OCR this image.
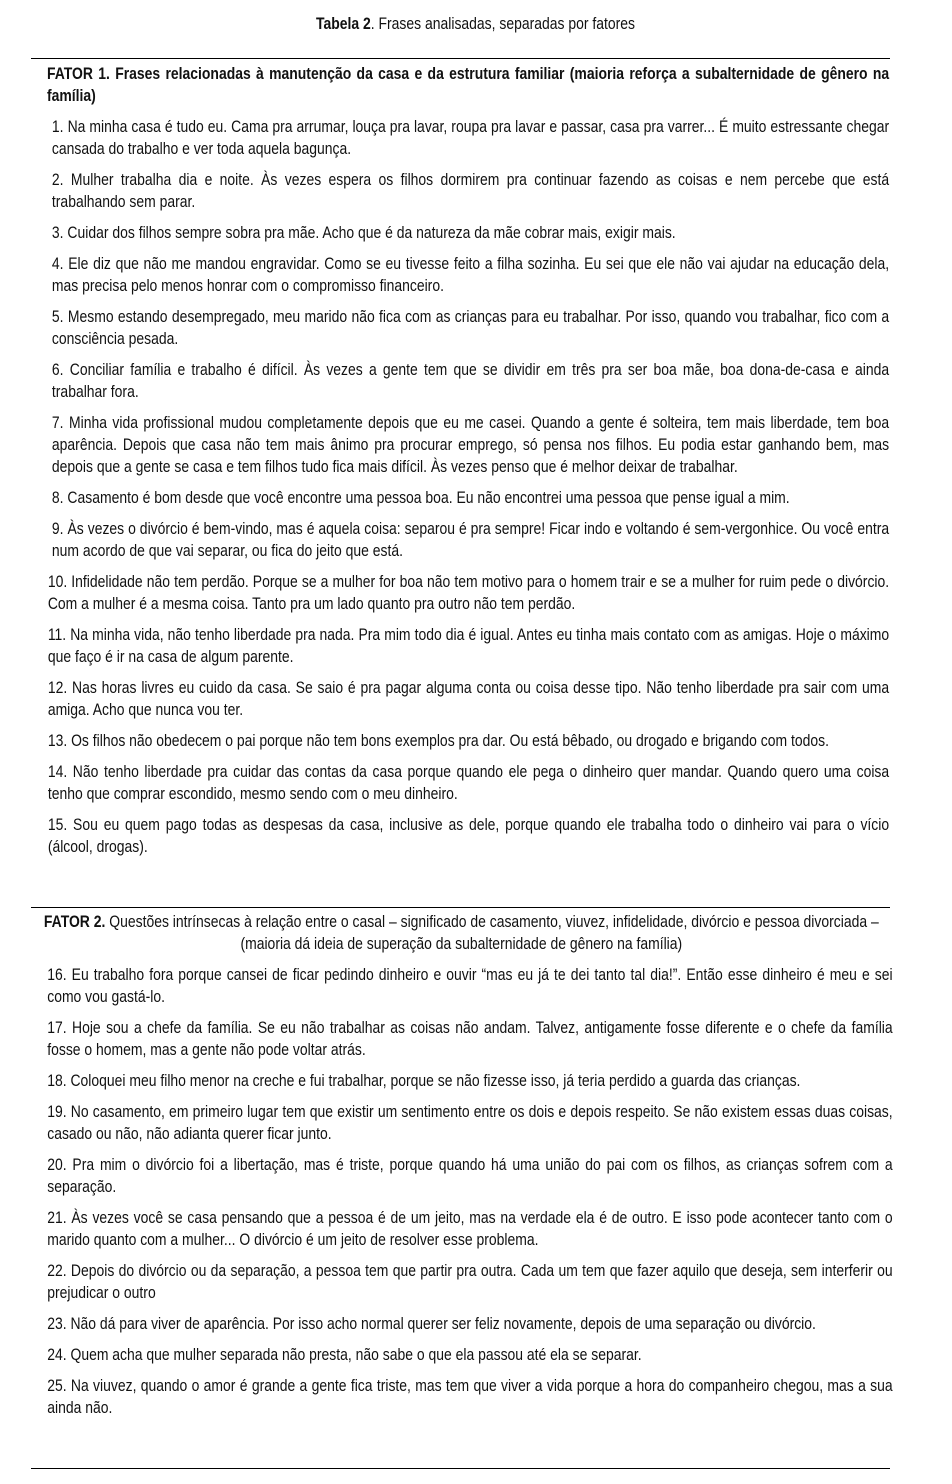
Tabela 2. Frases analisadas, separadas por fatores
FATOR 1. Frases relacionadas à manutenção da casa e da estrutura familiar (maioria reforça a subalternidade de gênero na família)
1. Na minha casa é tudo eu. Cama pra arrumar, louça pra lavar, roupa pra lavar e passar, casa pra varrer... É muito estressante chegar cansada do trabalho e ver toda aquela bagunça.
2. Mulher trabalha dia e noite. Às vezes espera os filhos dormirem pra continuar fazendo as coisas e nem percebe que está trabalhando sem parar.
3. Cuidar dos filhos sempre sobra pra mãe. Acho que é da natureza da mãe cobrar mais, exigir mais.
4. Ele diz que não me mandou engravidar. Como se eu tivesse feito a filha sozinha. Eu sei que ele não vai ajudar na educação dela, mas precisa pelo menos honrar com o compromisso financeiro.
5. Mesmo estando desempregado, meu marido não fica com as crianças para eu trabalhar. Por isso, quando vou trabalhar, fico com a consciência pesada.
6. Conciliar família e trabalho é difícil. Às vezes a gente tem que se dividir em três pra ser boa mãe, boa dona-de-casa e ainda trabalhar fora.
7. Minha vida profissional mudou completamente depois que eu me casei. Quando a gente é solteira, tem mais liberdade, tem boa aparência. Depois que casa não tem mais ânimo pra procurar emprego, só pensa nos filhos. Eu podia estar ganhando bem, mas depois que a gente se casa e tem filhos tudo fica mais difícil. Às vezes penso que é melhor deixar de trabalhar.
8. Casamento é bom desde que você encontre uma pessoa boa. Eu não encontrei uma pessoa que pense igual a mim.
9. Às vezes o divórcio é bem-vindo, mas é aquela coisa: separou é pra sempre! Ficar indo e voltando é sem-vergonhice. Ou você entra num acordo de que vai separar, ou fica do jeito que está.
10. Infidelidade não tem perdão. Porque se a mulher for boa não tem motivo para o homem trair e se a mulher for ruim pede o divórcio. Com a mulher é a mesma coisa. Tanto pra um lado quanto pra outro não tem perdão.
11. Na minha vida, não tenho liberdade pra nada. Pra mim todo dia é igual. Antes eu tinha mais contato com as amigas. Hoje o máximo que faço é ir na casa de algum parente.
12. Nas horas livres eu cuido da casa. Se saio é pra pagar alguma conta ou coisa desse tipo. Não tenho liberdade pra sair com uma amiga. Acho que nunca vou ter.
13. Os filhos não obedecem o pai porque não tem bons exemplos pra dar. Ou está bêbado, ou drogado e brigando com todos.
14. Não tenho liberdade pra cuidar das contas da casa porque quando ele pega o dinheiro quer mandar. Quando quero uma coisa tenho que comprar escondido, mesmo sendo com o meu dinheiro.
15. Sou eu quem pago todas as despesas da casa, inclusive as dele, porque quando ele trabalha todo o dinheiro vai para o vício (álcool, drogas).
FATOR 2. Questões intrínsecas à relação entre o casal – significado de casamento, viuvez, infidelidade, divórcio e pessoa divorciada – (maioria dá ideia de superação da subalternidade de gênero na família)
16. Eu trabalho fora porque cansei de ficar pedindo dinheiro e ouvir “mas eu já te dei tanto tal dia!”. Então esse dinheiro é meu e sei como vou gastá-lo.
17. Hoje sou a chefe da família. Se eu não trabalhar as coisas não andam. Talvez, antigamente fosse diferente e o chefe da família fosse o homem, mas a gente não pode voltar atrás.
18. Coloquei meu filho menor na creche e fui trabalhar, porque se não fizesse isso, já teria perdido a guarda das crianças.
19. No casamento, em primeiro lugar tem que existir um sentimento entre os dois e depois respeito. Se não existem essas duas coisas, casado ou não, não adianta querer ficar junto.
20. Pra mim o divórcio foi a libertação, mas é triste, porque quando há uma união do pai com os filhos, as crianças sofrem com a separação.
21. Às vezes você se casa pensando que a pessoa é de um jeito, mas na verdade ela é de outro. E isso pode acontecer tanto com o marido quanto com a mulher... O divórcio é um jeito de resolver esse problema.
22. Depois do divórcio ou da separação, a pessoa tem que partir pra outra. Cada um tem que fazer aquilo que deseja, sem interferir ou prejudicar o outro
23. Não dá para viver de aparência. Por isso acho normal querer ser feliz novamente, depois de uma separação ou divórcio.
24. Quem acha que mulher separada não presta, não sabe o que ela passou até ela se separar.
25. Na viuvez, quando o amor é grande a gente fica triste, mas tem que viver a vida porque a hora do companheiro chegou, mas a sua ainda não.
